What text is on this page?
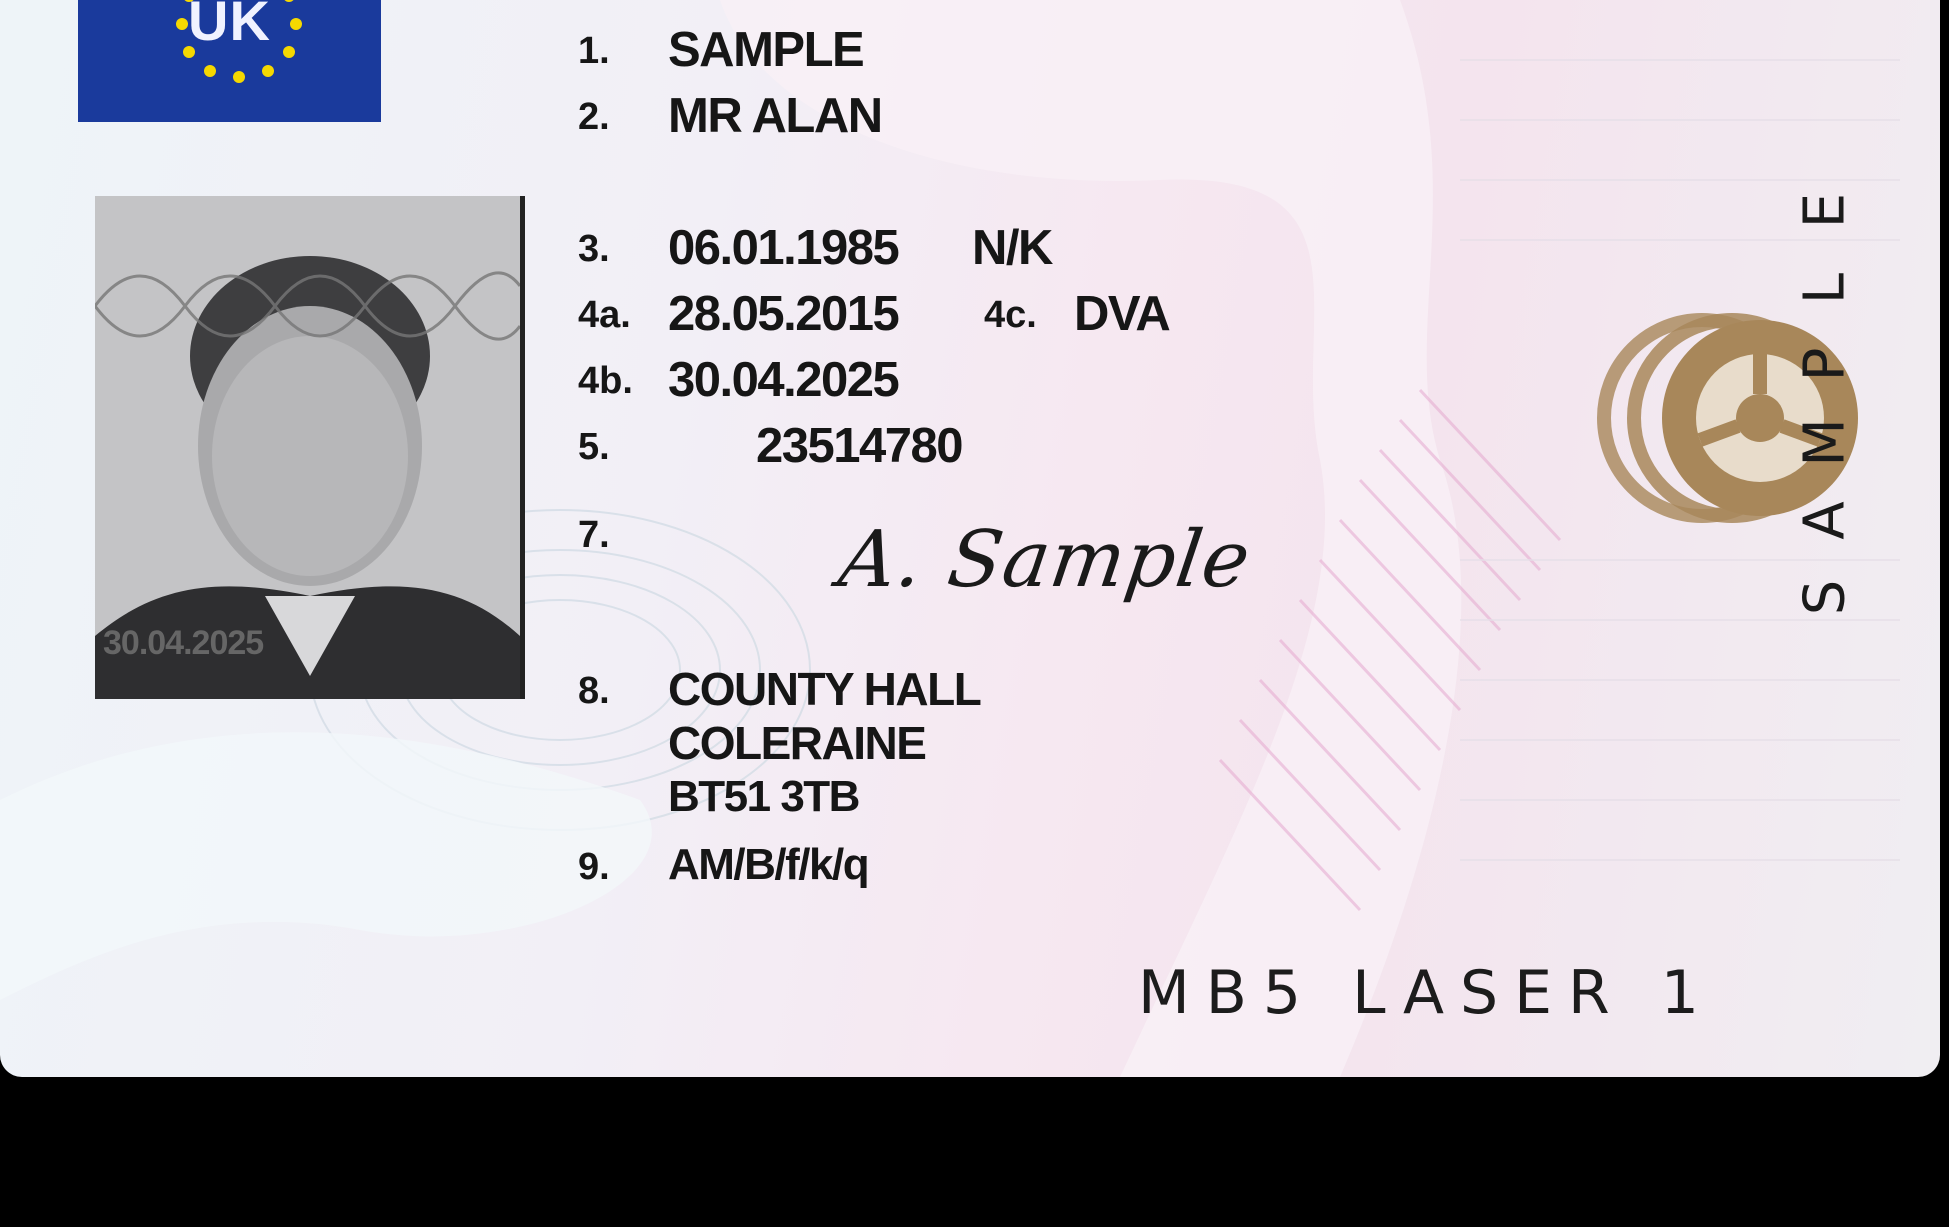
UK
30.04.2025
1. SAMPLE
2. MR ALAN
3. 06.01.1985 N/K
4a. 28.05.2015 4c. DVA
4b. 30.04.2025
5.	23514780
7.	A. Sample
8. COUNTY HALL
COLERAINE
BT51 3TB
9. AM/B/f/k/q
S
A
M
P
L
E
MB5 LASER 1
